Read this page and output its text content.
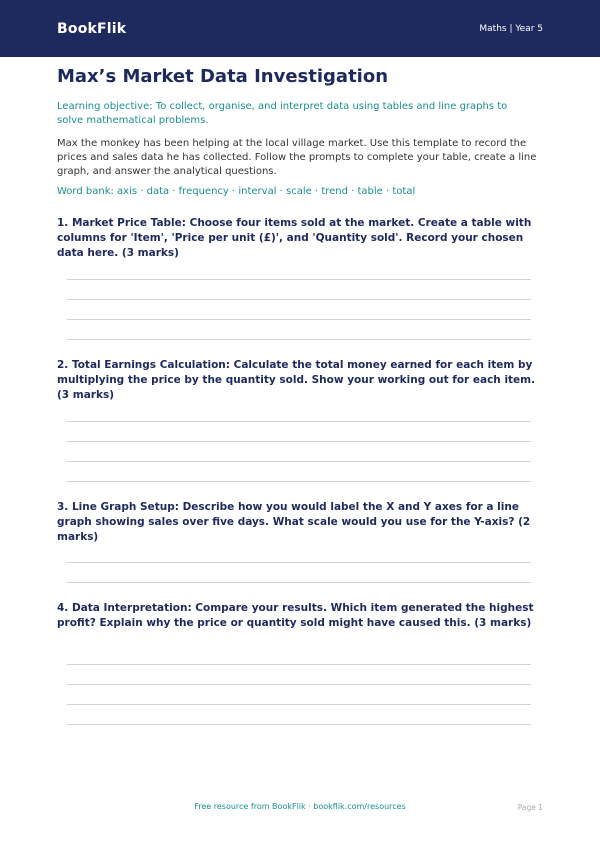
BookFlik	Maths | Year 5
Max’s Market Data Investigation
Learning objective: To collect, organise, and interpret data using tables and line graphs to solve mathematical problems.
Max the monkey has been helping at the local village market. Use this template to record the prices and sales data he has collected. Follow the prompts to complete your table, create a line graph, and answer the analytical questions.
Word bank: axis · data · frequency · interval · scale · trend · table · total
1. Market Price Table: Choose four items sold at the market. Create a table with columns for 'Item', 'Price per unit (£)', and 'Quantity sold'. Record your chosen data here. (3 marks)
2. Total Earnings Calculation: Calculate the total money earned for each item by multiplying the price by the quantity sold. Show your working out for each item. (3 marks)
3. Line Graph Setup: Describe how you would label the X and Y axes for a line graph showing sales over five days. What scale would you use for the Y-axis? (2 marks)
4. Data Interpretation: Compare your results. Which item generated the highest profit? Explain why the price or quantity sold might have caused this. (3 marks)
Free resource from BookFlik · bookflik.com/resources	Page 1
